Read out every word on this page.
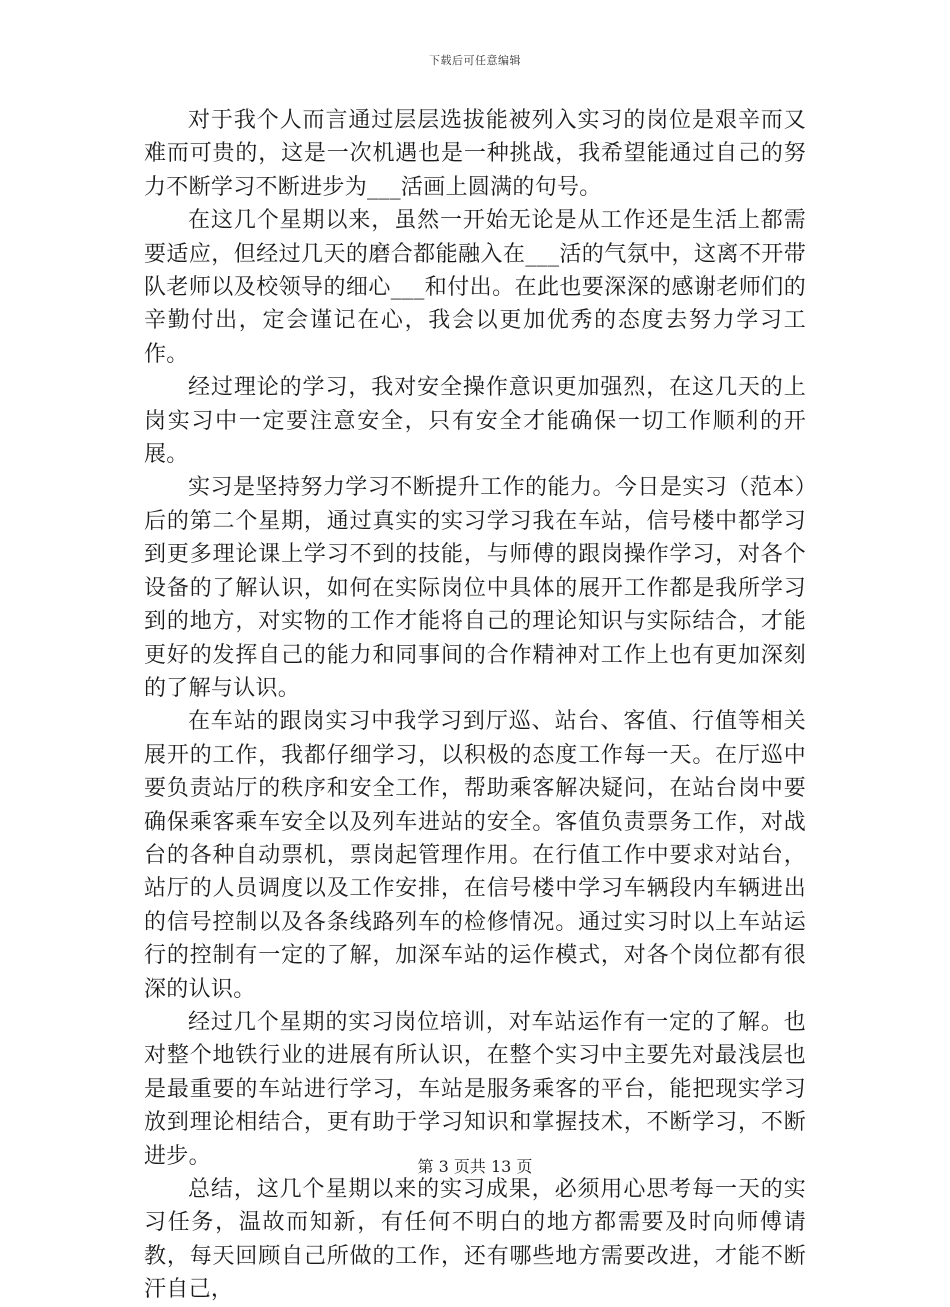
下载后可任意编辑

对于我个人而言通过层层选拔能被列入实习的岗位是艰辛而又难而可贵的，这是一次机遇也是一种挑战，我希望能通过自己的努力不断学习不断进步为___活画上圆满的句号。

在这几个星期以来，虽然一开始无论是从工作还是生活上都需要适应，但经过几天的磨合都能融入在___活的气氛中，这离不开带队老师以及校领导的细心___和付出。在此也要深深的感谢老师们的辛勤付出，定会谨记在心，我会以更加优秀的态度去努力学习工作。

经过理论的学习，我对安全操作意识更加强烈，在这几天的上岗实习中一定要注意安全，只有安全才能确保一切工作顺利的开展。

实习是坚持努力学习不断提升工作的能力。今日是实习（范本）后的第二个星期，通过真实的实习学习我在车站，信号楼中都学习到更多理论课上学习不到的技能，与师傅的跟岗操作学习，对各个设备的了解认识，如何在实际岗位中具体的展开工作都是我所学习到的地方，对实物的工作才能将自己的理论知识与实际结合，才能更好的发挥自己的能力和同事间的合作精神对工作上也有更加深刻的了解与认识。

在车站的跟岗实习中我学习到厅巡、站台、客值、行值等相关展开的工作，我都仔细学习，以积极的态度工作每一天。在厅巡中要负责站厅的秩序和安全工作，帮助乘客解决疑问，在站台岗中要确保乘客乘车安全以及列车进站的安全。客值负责票务工作，对战台的各种自动票机，票岗起管理作用。在行值工作中要求对站台，站厅的人员调度以及工作安排，在信号楼中学习车辆段内车辆进出的信号控制以及各条线路列车的检修情况。通过实习时以上车站运行的控制有一定的了解，加深车站的运作模式，对各个岗位都有很深的认识。

经过几个星期的实习岗位培训，对车站运作有一定的了解。也对整个地铁行业的进展有所认识，在整个实习中主要先对最浅层也是最重要的车站进行学习，车站是服务乘客的平台，能把现实学习放到理论相结合，更有助于学习知识和掌握技术，不断学习，不断进步。

总结，这几个星期以来的实习成果，必须用心思考每一天的实习任务，温故而知新，有任何不明白的地方都需要及时向师傅请教，每天回顾自己所做的工作，还有哪些地方需要改进，才能不断汗自己，

第 3 页共 13 页
